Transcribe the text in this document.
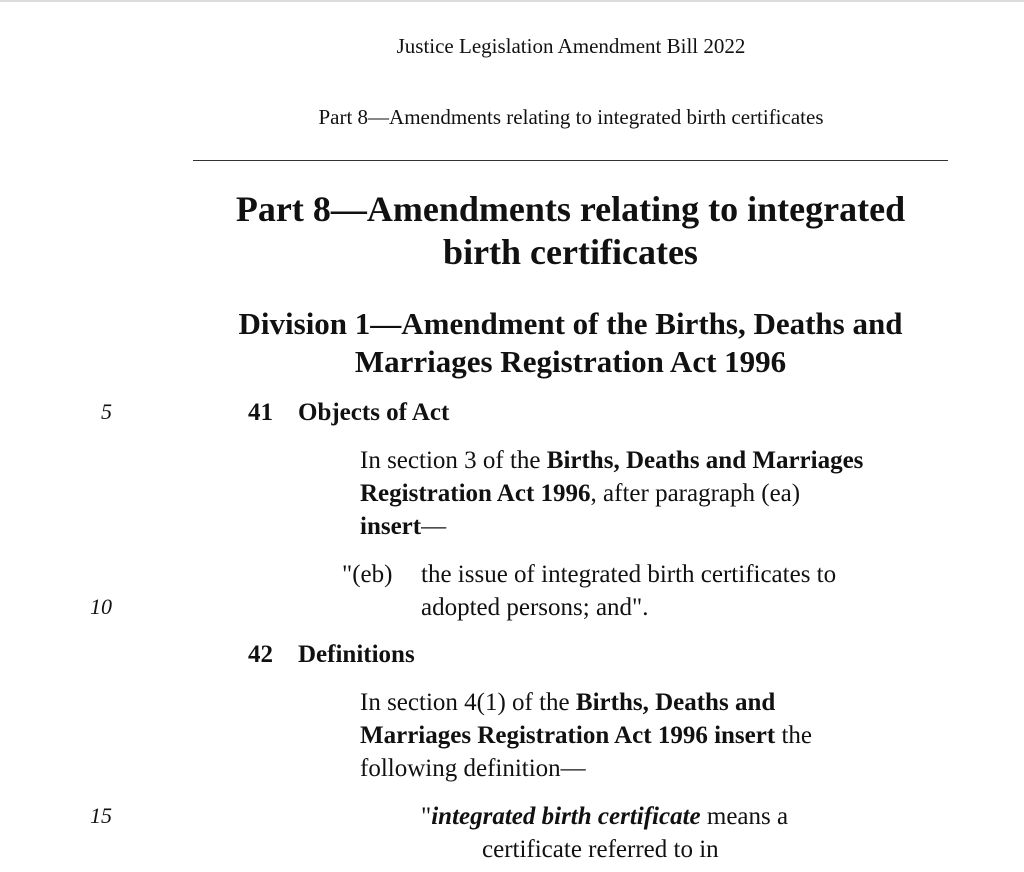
Justice Legislation Amendment Bill 2022
Part 8—Amendments relating to integrated birth certificates
Part 8—Amendments relating to integrated
birth certificates
Division 1—Amendment of the Births, Deaths and
Marriages Registration Act 1996
5
10
15
41 Objects of Act
In section 3 of the Births, Deaths and Marriages
Registration Act 1996, after paragraph (ea)
insert—
"(eb) the issue of integrated birth certificates to
adopted persons; and".
42 Definitions
In section 4(1) of the Births, Deaths and
Marriages Registration Act 1996 insert the
following definition—
"integrated birth certificate means a
certificate referred to in
